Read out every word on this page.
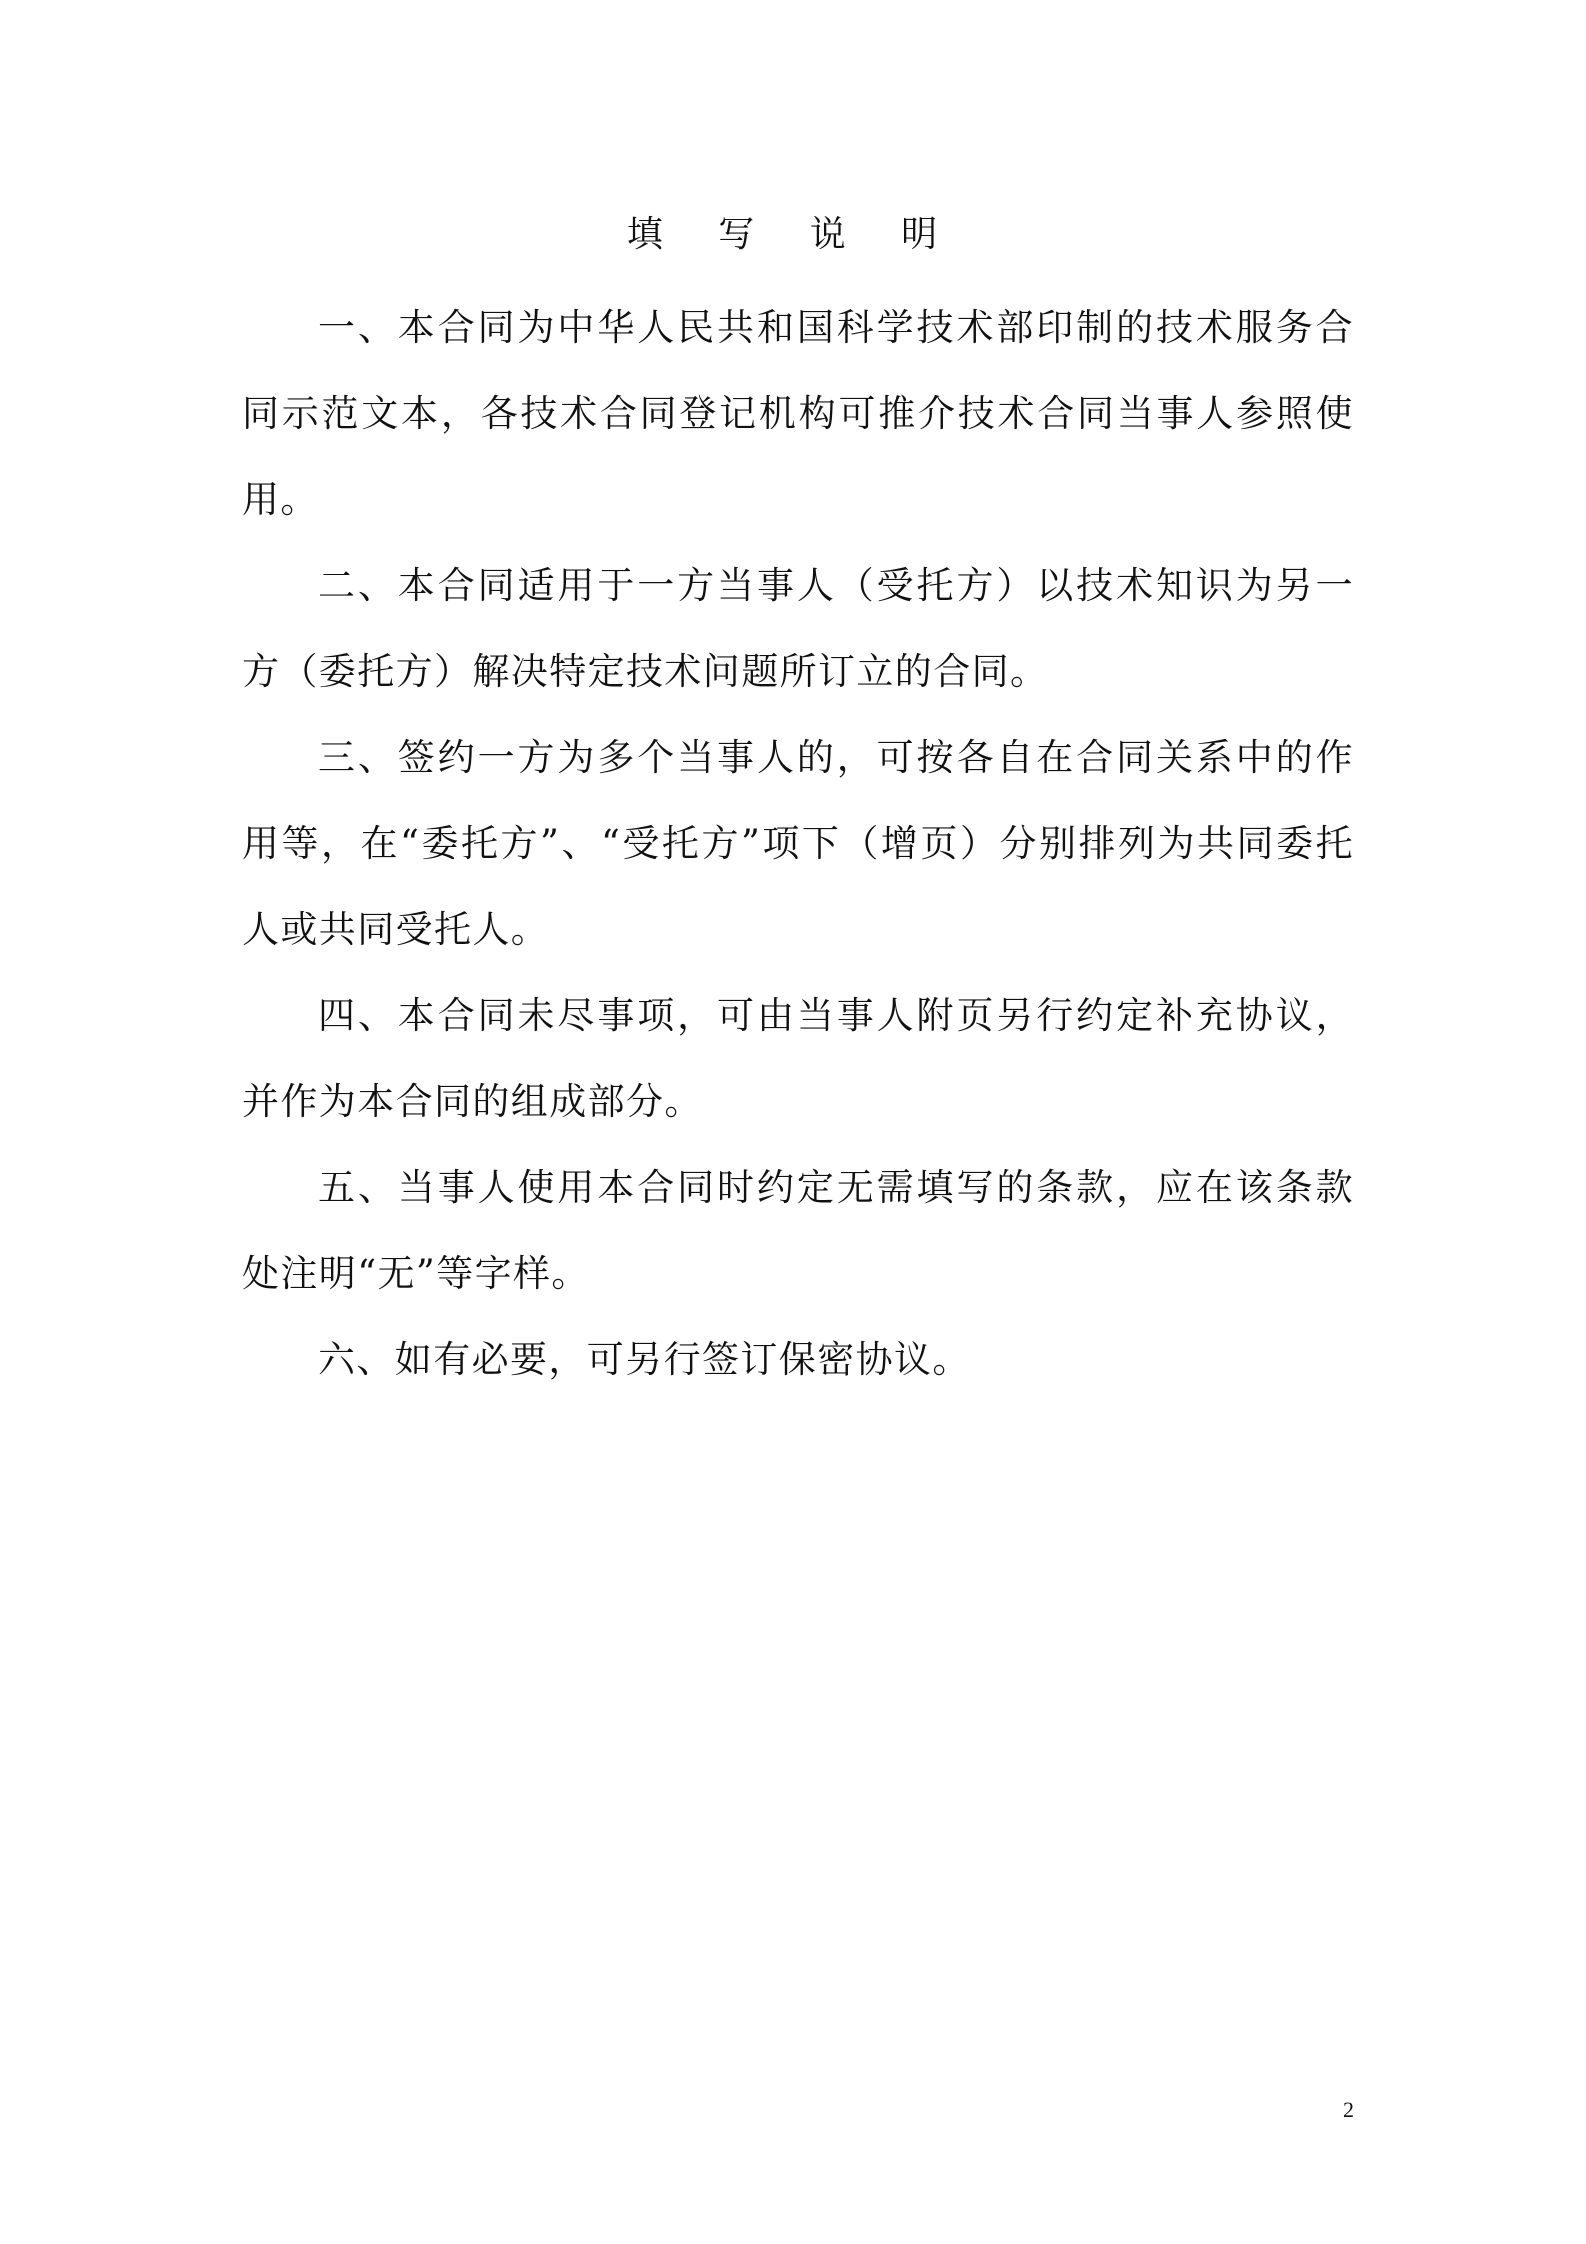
填 写 说 明

一、本合同为中华人民共和国科学技术部印制的技术服务合同示范文本，各技术合同登记机构可推介技术合同当事人参照使用。

二、本合同适用于一方当事人（受托方）以技术知识为另一方（委托方）解决特定技术问题所订立的合同。

三、签约一方为多个当事人的，可按各自在合同关系中的作用等，在“委托方”、“受托方”项下（增页）分别排列为共同委托人或共同受托人。

四、本合同未尽事项，可由当事人附页另行约定补充协议，并作为本合同的组成部分。

五、当事人使用本合同时约定无需填写的条款，应在该条款处注明“无”等字样。

六、如有必要，可另行签订保密协议。

2
